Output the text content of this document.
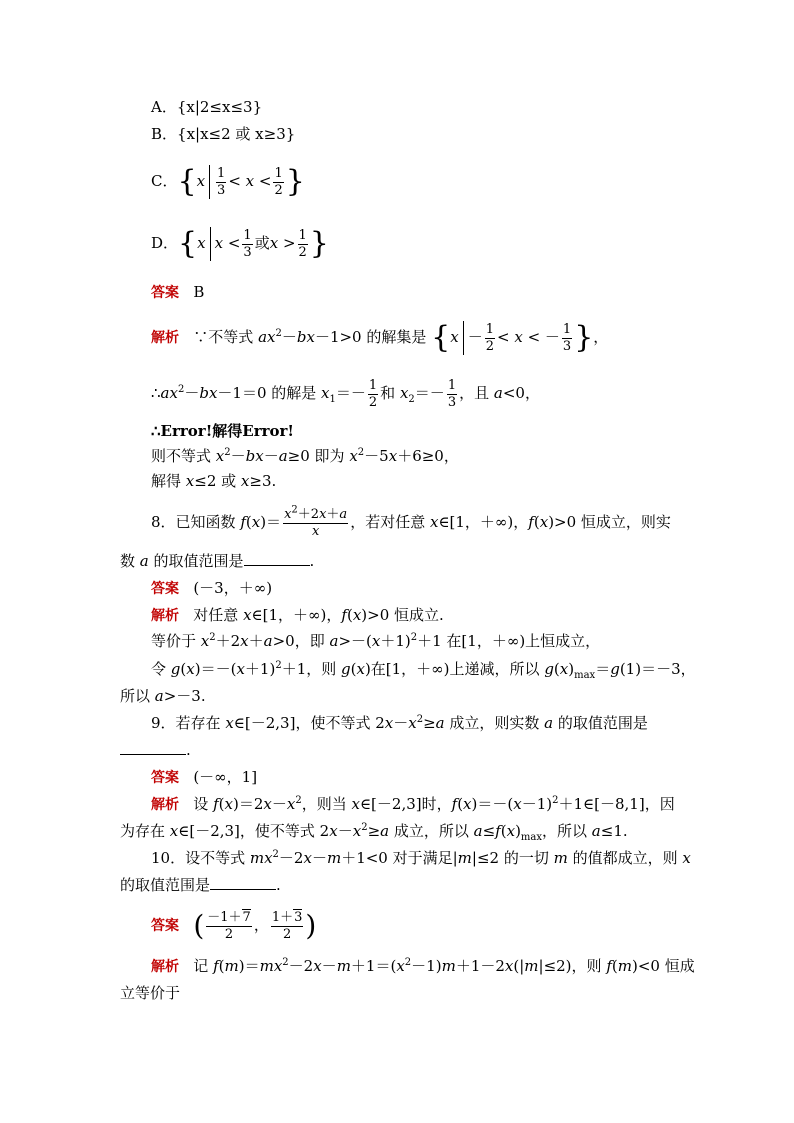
A．{x|2≤x≤3}
B．{x|x≤2 或 x≥3}
C．{$x \frac{1}{3} < x < \frac{1}{2}$ }
D．{x $x < \frac{1}{3}$ 或$x > \frac{1}{2}$ }
答案 B
解析   ∵不等式 $ax^2-bx-1>0$ 的解集是 {$x - \frac{1}{2} < x$ < － $\frac{1}{3}$ }，
$\therefore ax^2-bx-1=0$ 的解是 $x_1=- \frac{1}{2}$ 和 $x_2=- \frac{1}{3}$ ，且 a<0，
∴Error!解得Error!
则不等式 $x^2-bx-a\ge 0$ 即为 $x^2-5x+6\ge 0$，
解得 x≤2 或 x≥3.
8．已知函数 $f(x)= \frac{x^2+2x+a}{x}$ ，若对任意 x∈[1，＋∞)，f(x)>0 恒成立，则实
数 a 的取值范围是	.
答案 (－3，＋∞)
解析   对任意 x∈[1，＋∞)，f(x)>0 恒成立.
等价于 $x^2+2x+a>0$，即 $a>-(x+1)^2+1$ 在[1，＋∞)上恒成立，
令 $g(x)=-(x+1)^2+1$，则 g(x)在[1，＋∞)上递减，所以 $g(x)_{max}=g(1)=-3$，
所以 a>－3.
9．若存在 x∈[－2,3]，使不等式 $2x-x^2\ge a$ 成立，则实数 a 的取值范围是
.
答案 (－∞，1]
解析   设 $f(x)=2x-x^2$，则当 x∈[－2,3]时，$f(x)=-(x-1)^2+1\in[-8,1]$，因
为存在 x∈[－2,3]，使不等式 $2x-x^2\ge a$ 成立，所以 $a\le f(x)_{max}$，所以 a≤1.
10．设不等式 $mx^2-2x-m+1<0$ 对于满足|m|≤2 的一切 m 的值都成立，则 x
的取值范围是	.
答案 ( $\frac{-1+7}{2}$ ， $\frac{1+3}{2}$ )
解析   记 $f(m)=mx^2-2x-m+1=(x^2-1)m+1-2x(|m|\le 2)$，则 f(m)<0 恒成
立等价于
